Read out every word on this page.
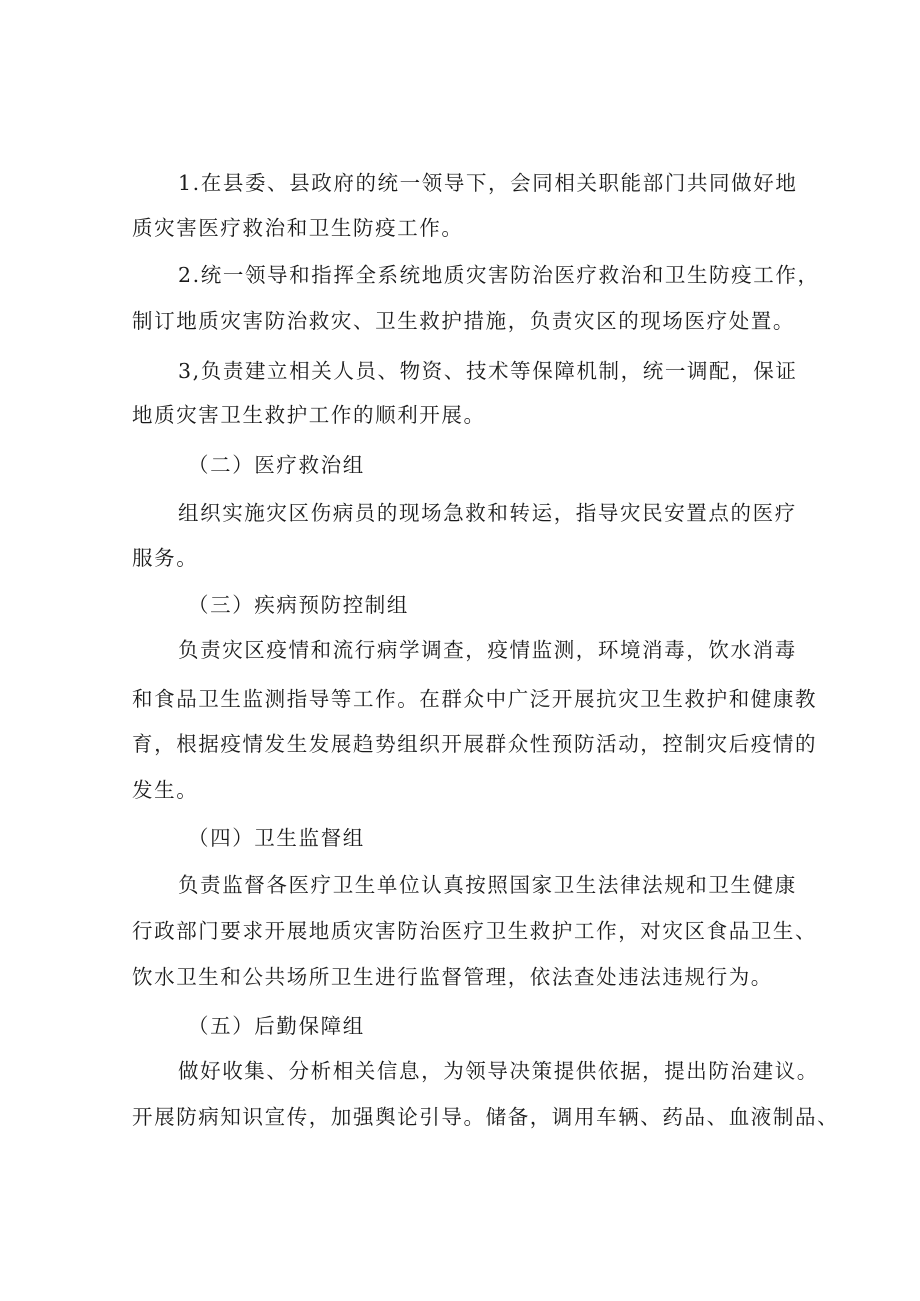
1.在县委、县政府的统一领导下，会同相关职能部门共同做好地
质灾害医疗救治和卫生防疫工作。
2.统一领导和指挥全系统地质灾害防治医疗救治和卫生防疫工作，
制订地质灾害防治救灾、卫生救护措施，负责灾区的现场医疗处置。
3,负责建立相关人员、物资、技术等保障机制，统一调配，保证
地质灾害卫生救护工作的顺利开展。
（二）医疗救治组
组织实施灾区伤病员的现场急救和转运，指导灾民安置点的医疗
服务。
（三）疾病预防控制组
负责灾区疫情和流行病学调查，疫情监测，环境消毒，饮水消毒
和食品卫生监测指导等工作。在群众中广泛开展抗灾卫生救护和健康教
育，根据疫情发生发展趋势组织开展群众性预防活动，控制灾后疫情的
发生。
（四）卫生监督组
负责监督各医疗卫生单位认真按照国家卫生法律法规和卫生健康
行政部门要求开展地质灾害防治医疗卫生救护工作，对灾区食品卫生、
饮水卫生和公共场所卫生进行监督管理，依法查处违法违规行为。
（五）后勤保障组
做好收集、分析相关信息，为领导决策提供依据，提出防治建议。
开展防病知识宣传，加强舆论引导。储备，调用车辆、药品、血液制品、
